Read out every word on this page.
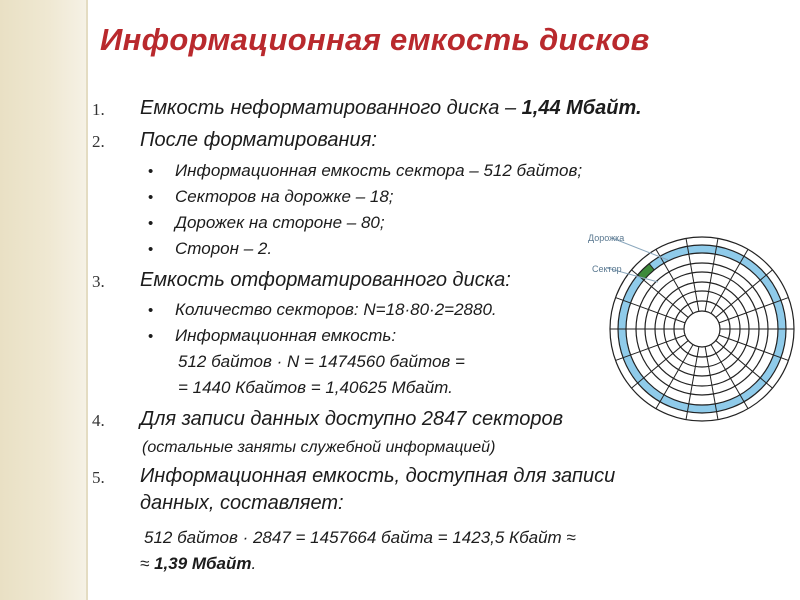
Информационная емкость дисков
1. Емкость неформатированного диска – 1,44 Мбайт.
2. После форматирования:
• Информационная емкость сектора – 512 байтов;
• Секторов на дорожке – 18;
• Дорожек на стороне – 80;
• Сторон – 2.
3. Емкость отформатированного диска:
• Количество секторов: N=18·80·2=2880.
• Информационная емкость:
512 байтов · N = 1474560 байтов =
= 1440 Кбайтов = 1,40625 Мбайт.
4. Для записи данных доступно 2847 секторов
(остальные заняты служебной информацией)
5. Информационная емкость, доступная для записи
данных, составляет:
512 байтов · 2847 = 1457664 байта = 1423,5 Кбайт ≈
≈ 1,39 Мбайт.
Дорожка
Сектор
